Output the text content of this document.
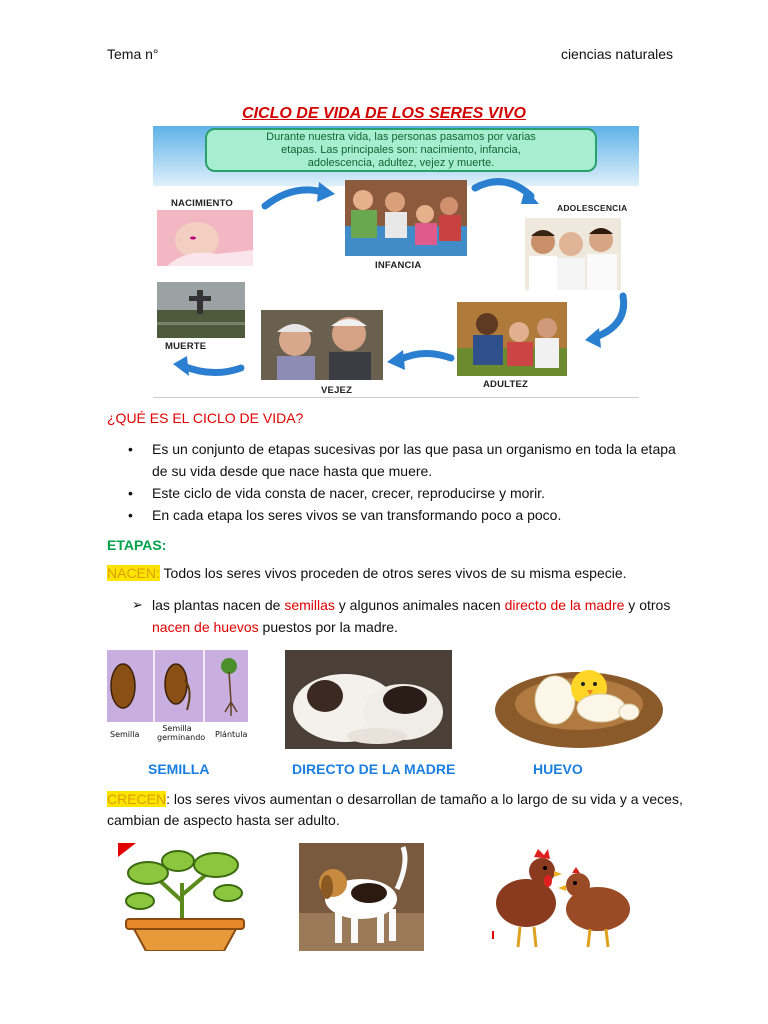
Tema n°	ciencias naturales
CICLO DE VIDA DE LOS SERES VIVO
Durante nuestra vida, las personas pasamos por varias
etapas. Las principales son: nacimiento, infancia,
adolescencia, adultez, vejez y muerte.
NACIMIENTO
INFANCIA
ADOLESCENCIA
MUERTE
VEJEZ
ADULTEZ
¿QUÉ ES EL CICLO DE VIDA?
• Es un conjunto de etapas sucesivas por las que pasa un organismo en toda la etapa de su vida desde que nace hasta que muere.
• Este ciclo de vida consta de nacer, crecer, reproducirse y morir.
• En cada etapa los seres vivos se van transformando poco a poco.
ETAPAS:
NACEN: Todos los seres vivos proceden de otros seres vivos de su misma especie.
➢ las plantas nacen de semillas y algunos animales nacen directo de la madre y otros nacen de huevos puestos por la madre.
Semilla
Semilla germinando Plántula
SEMILLA	DIRECTO DE LA MADRE	HUEVO
CRECEN: los seres vivos aumentan o desarrollan de tamaño a lo largo de su vida y a veces, cambian de aspecto hasta ser adulto.
